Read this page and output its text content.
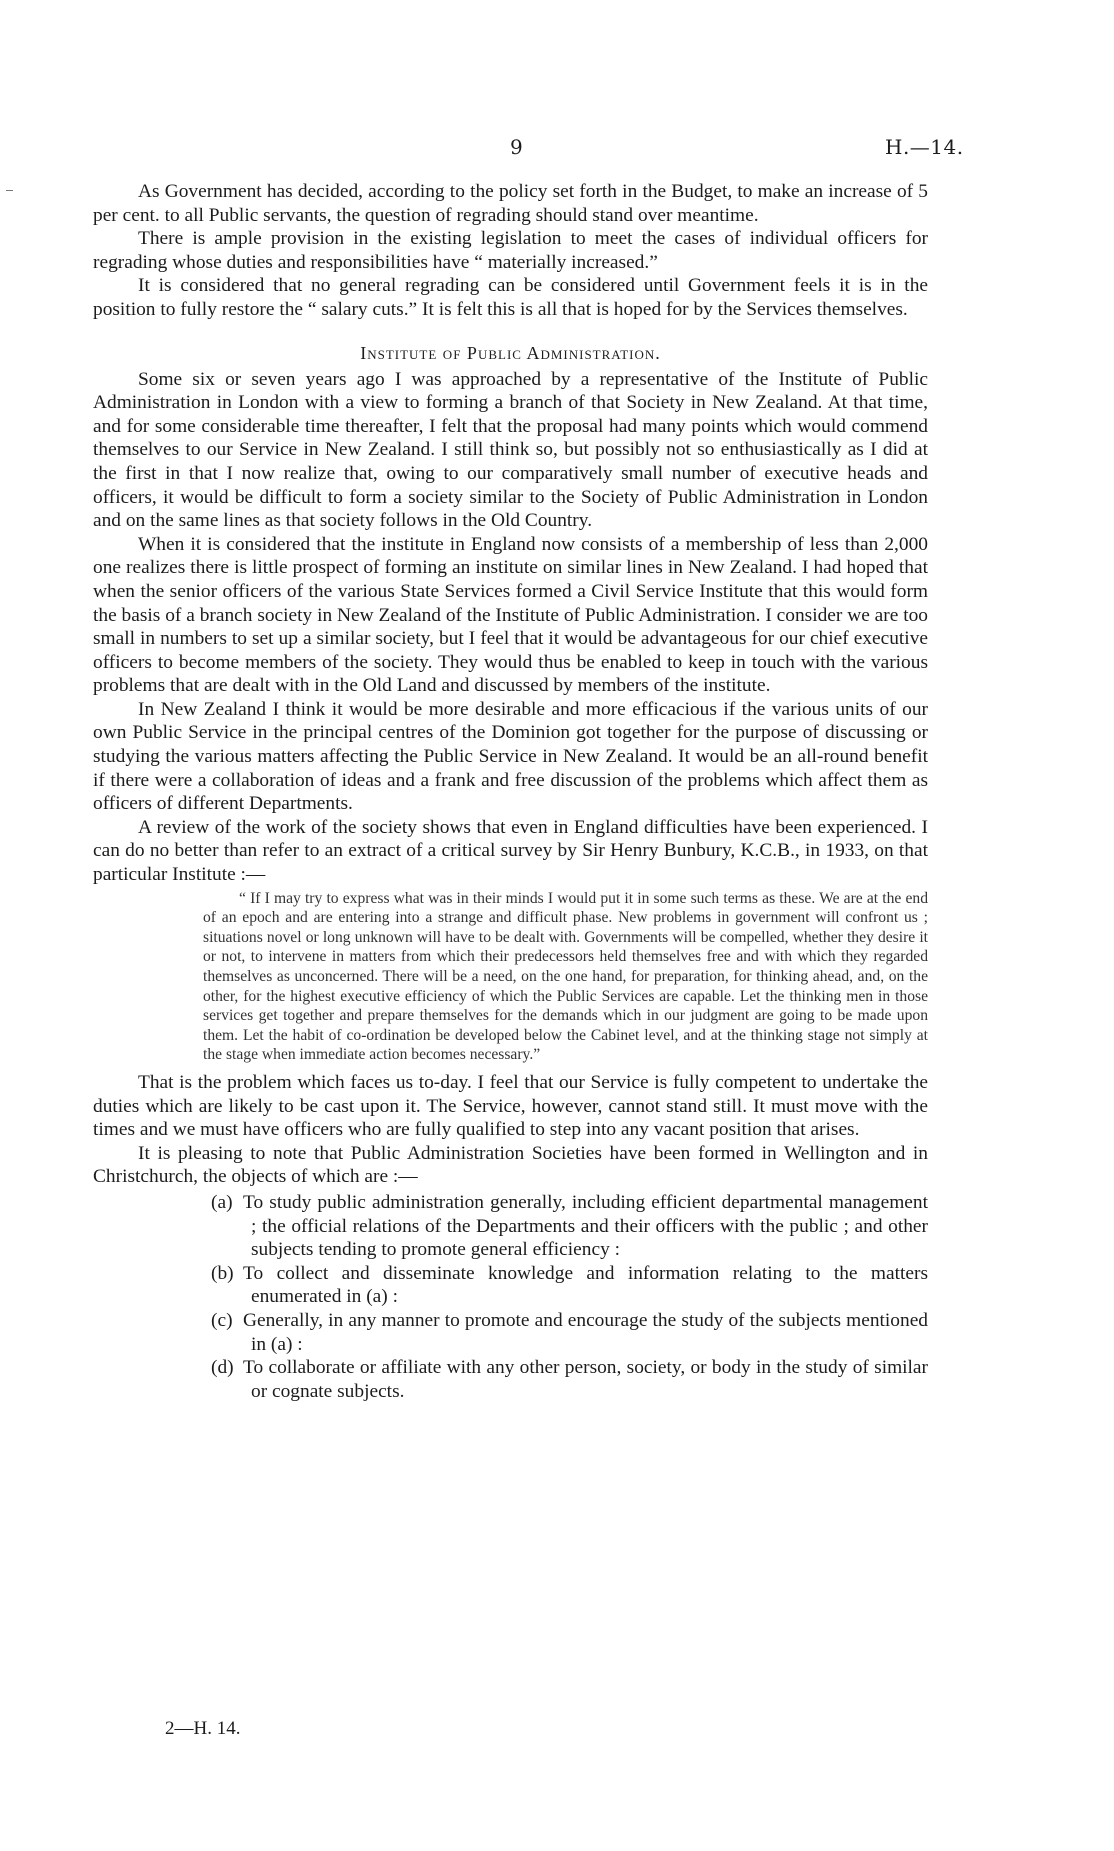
9	H.—14.

As Government has decided, according to the policy set forth in the Budget, to make an increase of 5 per cent. to all Public servants, the question of regrading should stand over meantime.

There is ample provision in the existing legislation to meet the cases of individual officers for regrading whose duties and responsibilities have “ materially increased.”

It is considered that no general regrading can be considered until Government feels it is in the position to fully restore the “ salary cuts.” It is felt this is all that is hoped for by the Services themselves.

Institute of Public Administration.

Some six or seven years ago I was approached by a representative of the Institute of Public Administration in London with a view to forming a branch of that Society in New Zealand. At that time, and for some considerable time thereafter, I felt that the proposal had many points which would commend themselves to our Service in New Zealand. I still think so, but possibly not so enthusiastically as I did at the first in that I now realize that, owing to our comparatively small number of executive heads and officers, it would be difficult to form a society similar to the Society of Public Administration in London and on the same lines as that society follows in the Old Country.

When it is considered that the institute in England now consists of a membership of less than 2,000 one realizes there is little prospect of forming an institute on similar lines in New Zealand. I had hoped that when the senior officers of the various State Services formed a Civil Service Institute that this would form the basis of a branch society in New Zealand of the Institute of Public Administration. I consider we are too small in numbers to set up a similar society, but I feel that it would be advantageous for our chief executive officers to become members of the society. They would thus be enabled to keep in touch with the various problems that are dealt with in the Old Land and discussed by members of the institute.

In New Zealand I think it would be more desirable and more efficacious if the various units of our own Public Service in the principal centres of the Dominion got together for the purpose of discussing or studying the various matters affecting the Public Service in New Zealand. It would be an all-round benefit if there were a collaboration of ideas and a frank and free discussion of the problems which affect them as officers of different Departments.

A review of the work of the society shows that even in England difficulties have been experienced. I can do no better than refer to an extract of a critical survey by Sir Henry Bunbury, K.C.B., in 1933, on that particular Institute :—

“ If I may try to express what was in their minds I would put it in some such terms as these. We are at the end of an epoch and are entering into a strange and difficult phase. New problems in government will confront us ; situations novel or long unknown will have to be dealt with. Governments will be compelled, whether they desire it or not, to intervene in matters from which their predecessors held themselves free and with which they regarded themselves as unconcerned. There will be a need, on the one hand, for preparation, for thinking ahead, and, on the other, for the highest executive efficiency of which the Public Services are capable. Let the thinking men in those services get together and prepare themselves for the demands which in our judgment are going to be made upon them. Let the habit of co-ordination be developed below the Cabinet level, and at the thinking stage not simply at the stage when immediate action becomes necessary.”

That is the problem which faces us to-day. I feel that our Service is fully competent to undertake the duties which are likely to be cast upon it. The Service, however, cannot stand still. It must move with the times and we must have officers who are fully qualified to step into any vacant position that arises.

It is pleasing to note that Public Administration Societies have been formed in Wellington and in Christchurch, the objects of which are :—

(a) To study public administration generally, including efficient departmental management ; the official relations of the Departments and their officers with the public ; and other subjects tending to promote general efficiency :
(b) To collect and disseminate knowledge and information relating to the matters enumerated in (a) :
(c) Generally, in any manner to promote and encourage the study of the subjects mentioned in (a) :
(d) To collaborate or affiliate with any other person, society, or body in the study of similar or cognate subjects.
2—H. 14.
